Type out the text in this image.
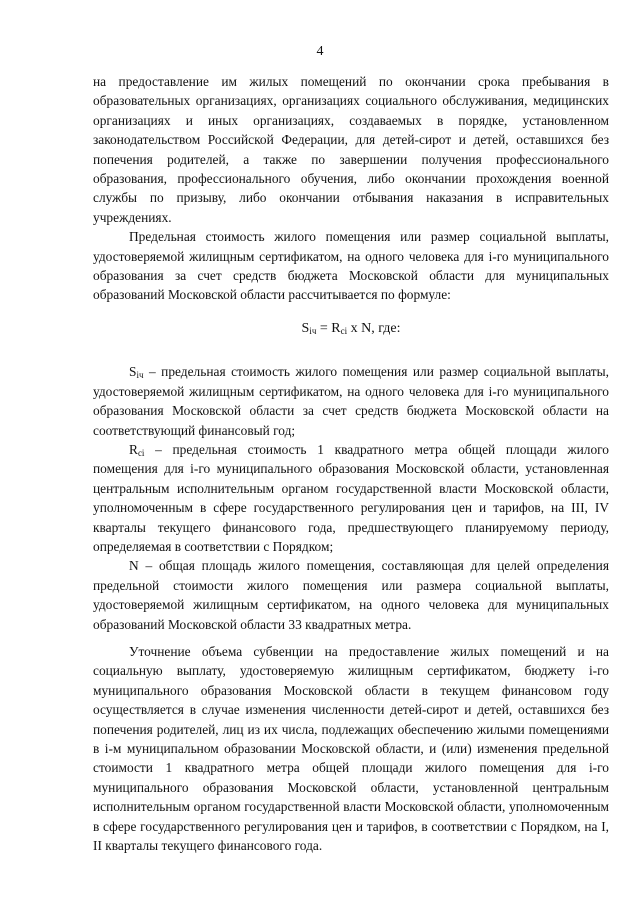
4

на предоставление им жилых помещений по окончании срока пребывания в образовательных организациях, организациях социального обслуживания, медицинских организациях и иных организациях, создаваемых в порядке, установленном законодательством Российской Федерации, для детей-сирот и детей, оставшихся без попечения родителей, а также по завершении получения профессионального образования, профессионального обучения, либо окончании прохождения военной службы по призыву, либо окончании отбывания наказания в исправительных учреждениях.

Предельная стоимость жилого помещения или размер социальной выплаты, удостоверяемой жилищным сертификатом, на одного человека для i-го муниципального образования за счет средств бюджета Московской области для муниципальных образований Московской области рассчитывается по формуле:

$S_{iч} = R_{ci}$ x N, где:

$S_{iч}$ – предельная стоимость жилого помещения или размер социальной выплаты, удостоверяемой жилищным сертификатом, на одного человека для i-го муниципального образования Московской области за счет средств бюджета Московской области на соответствующий финансовый год;

$R_{ci}$ – предельная стоимость 1 квадратного метра общей площади жилого помещения для i-го муниципального образования Московской области, установленная центральным исполнительным органом государственной власти Московской области, уполномоченным в сфере государственного регулирования цен и тарифов, на III, IV кварталы текущего финансового года, предшествующего планируемому периоду, определяемая в соответствии с Порядком;

N – общая площадь жилого помещения, составляющая для целей определения предельной стоимости жилого помещения или размера социальной выплаты, удостоверяемой жилищным сертификатом, на одного человека для муниципальных образований Московской области 33 квадратных метра.

Уточнение объема субвенции на предоставление жилых помещений и на социальную выплату, удостоверяемую жилищным сертификатом, бюджету i-го муниципального образования Московской области в текущем финансовом году осуществляется в случае изменения численности детей-сирот и детей, оставшихся без попечения родителей, лиц из их числа, подлежащих обеспечению жилыми помещениями в i-м муниципальном образовании Московской области, и (или) изменения предельной стоимости 1 квадратного метра общей площади жилого помещения для i-го муниципального образования Московской области, установленной центральным исполнительным органом государственной власти Московской области, уполномоченным в сфере государственного регулирования цен и тарифов, в соответствии с Порядком, на I, II кварталы текущего финансового года.
